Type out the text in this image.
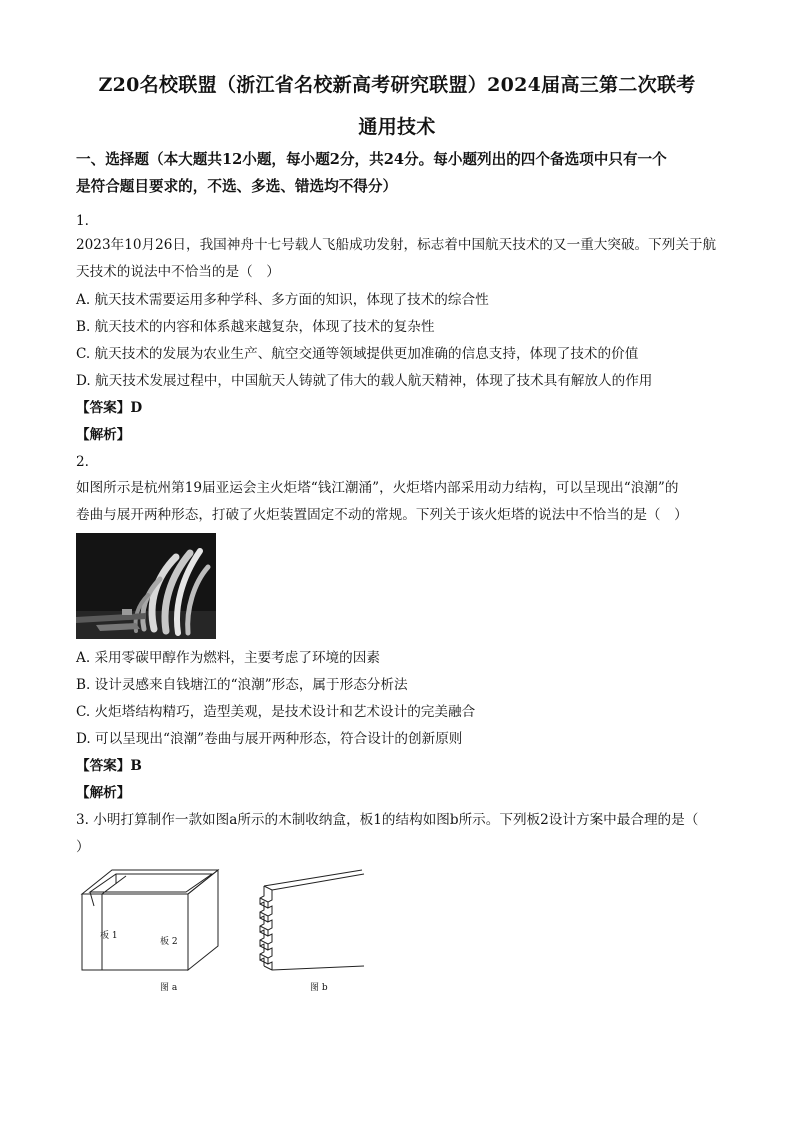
Z20名校联盟（浙江省名校新高考研究联盟）2024届高三第二次联考
通用技术
一、选择题（本大题共12小题，每小题2分，共24分。每小题列出的四个备选项中只有一个
是符合题目要求的，不选、多选、错选均不得分）
1.
2023年10月26日，我国神舟十七号载人飞船成功发射，标志着中国航天技术的又一重大突破。下列关于航
天技术的说法中不恰当的是（　）
A. 航天技术需要运用多种学科、多方面的知识，体现了技术的综合性
B. 航天技术的内容和体系越来越复杂，体现了技术的复杂性
C. 航天技术的发展为农业生产、航空交通等领域提供更加准确的信息支持，体现了技术的价值
D. 航天技术发展过程中，中国航天人铸就了伟大的载人航天精神，体现了技术具有解放人的作用
【答案】D
【解析】
2.
如图所示是杭州第19届亚运会主火炬塔“钱江潮涌”，火炬塔内部采用动力结构，可以呈现出“浪潮”的
卷曲与展开两种形态，打破了火炬装置固定不动的常规。下列关于该火炬塔的说法中不恰当的是（　）
A. 采用零碳甲醇作为燃料，主要考虑了环境的因素
B. 设计灵感来自钱塘江的“浪潮”形态，属于形态分析法
C. 火炬塔结构精巧，造型美观，是技术设计和艺术设计的完美融合
D. 可以呈现出“浪潮”卷曲与展开两种形态，符合设计的创新原则
【答案】B
【解析】
3. 小明打算制作一款如图a所示的木制收纳盒，板1的结构如图b所示。下列板2设计方案中最合理的是（
）
板 1
板 2
图 a	图 b
